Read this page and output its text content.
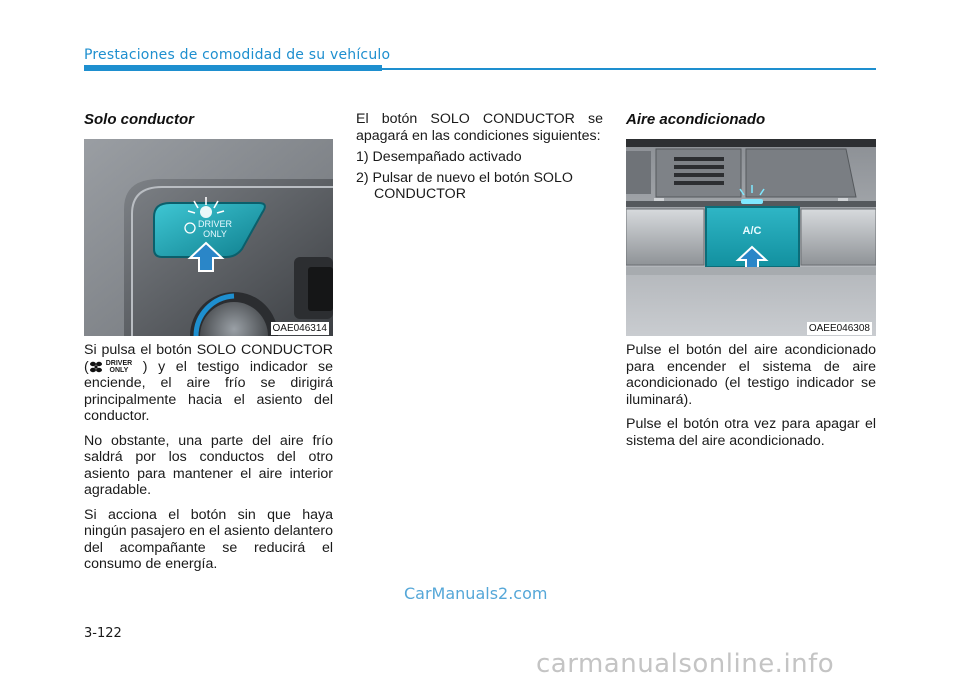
Prestaciones de comodidad de su vehículo
Solo conductor
DRIVER
ONLY
OAE046314

Si pulsa el botón SOLO CONDUCTOR ( DRIVER
ONLY ) y el testigo indicador se enciende, el aire frío se dirigirá principalmente hacia el asiento del conductor.

No obstante, una parte del aire frío saldrá por los conductos del otro asiento para mantener el aire interior agradable.

Si acciona el botón sin que haya ningún pasajero en el asiento delantero del acompañante se reducirá el consumo de energía.

El botón SOLO CONDUCTOR se apagará en las condiciones siguientes:

1) Desempañado activado
2) Pulsar de nuevo el botón SOLO CONDUCTOR
Aire acondicionado
A/C
OAEE046308

Pulse el botón del aire acondicionado para encender el sistema de aire acondicionado (el testigo indicador se iluminará).

Pulse el botón otra vez para apagar el sistema del aire acondicionado.

CarManuals2.com
3-122
carmanualsonline.info
